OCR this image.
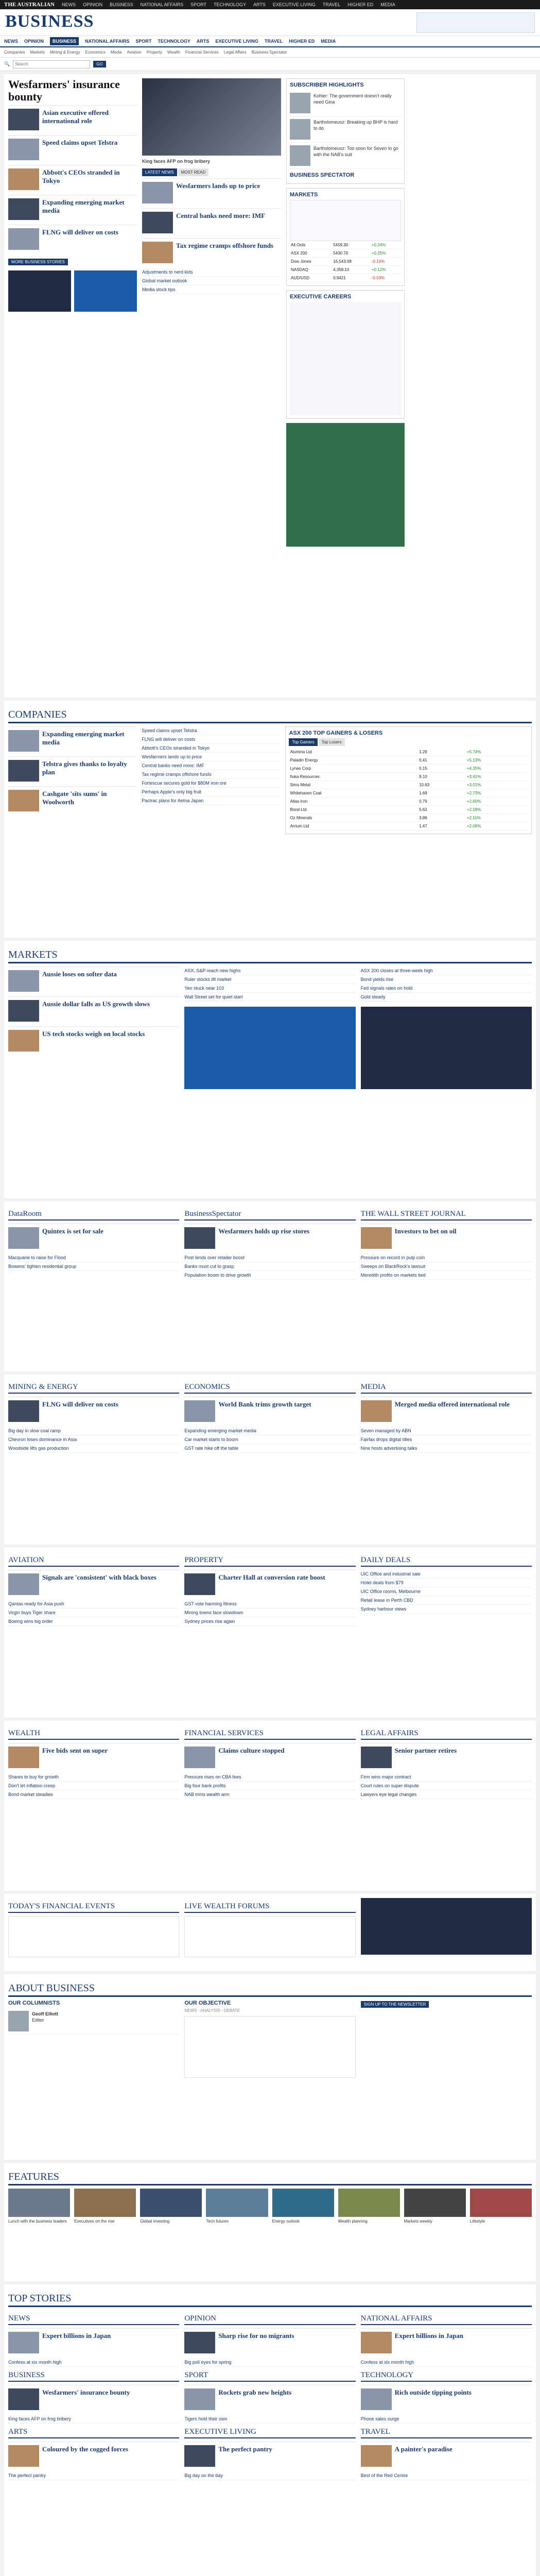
THE AUSTRALIAN NEWS OPINION BUSINESS NATIONAL AFFAIRS SPORT TECHNOLOGY ARTS EXECUTIVE LIVING TRAVEL HIGHER ED MEDIA
BUSINESS
NEWS OPINION	BUSINESS	NATIONAL AFFAIRS SPORT TECHNOLOGY ARTS EXECUTIVE LIVING TRAVEL HIGHER ED MEDIA
Companies Markets Mining & Energy Economics Media Aviation Property Wealth Financial Services Legal Affairs Business Spectator
🔍
Search	GO
Wesfarmers' insurance bounty
Asian executive offered international role
Speed claims upset Telstra
Abbott's CEOs stranded in Tokyo
Expanding emerging market media
FLNG will deliver on costs
MORE BUSINESS STORIES
King faces AFP on frog bribery
LATEST NEWS	MOST READ
Wesfarmers lands up to price
Central banks need more: IMF
Tax regime cramps offshore funds
Adjustments to nerd kids
Global market outlook
Media stock tips
SUBSCRIBER HIGHLIGHTS

Kohler: The government doesn't really need Gina

Bartholomeusz: Breaking up BHP is hard to do

Bartholomeusz: Too soon for Seven to go with the NAB's suit

BUSINESS SPECTATOR
MARKETS
All Ords	5459.30	+0.24%
ASX 200	5430.70	+0.25%
Dow Jones	16,543.08	-0.10%
NASDAQ	4,358.10	+0.12%
AUD/USD	0.9421	-0.03%
EXECUTIVE CAREERS
COMPANIES
Expanding emerging market media
Telstra gives thanks to loyalty plan
Cashgate 'sits sums' in Woolworth
Speed claims upset Telstra
FLNG will deliver on costs
Abbott's CEOs stranded in Tokyo
Wesfarmers lands up to price
Central banks need more: IMF
Tax regime cramps offshore funds
Fortescue secures gold for $80M iron ore
Perhaps Apple's only big fruit
Pactrac plans for Aetna Japan
ASX 200 TOP GAINERS & LOSERS
Top Gainers	Top Losers
Alumina Ltd	1.29	+5.74%
Paladin Energy	0.41	+5.13%
Lynas Corp	0.15	+4.35%
Iluka Resources	9.10	+3.41%
Sims Metal	10.63	+3.01%
Whitehaven Coal	1.69	+2.73%
Atlas Iron	0.79	+2.60%
Boral Ltd	5.62	+2.18%
Oz Minerals	3.86	+2.11%
Arrium Ltd	1.47	+2.08%
MARKETS
Aussie loses on softer data
Aussie dollar falls as US growth slows
US tech stocks weigh on local stocks
ASX, S&P reach new highs
Ruler stocks lift market
Yen stuck near 103
Wall Street set for quiet start
ASX 200 closes at three-week high
Bond yields rise
Fed signals rates on hold
Gold steady
DataRoom
Quintex is set for sale
Macquarie to raise for Flood
Bowens' tighten residential group
BusinessSpectator
Wesfarmers holds up rise stores
Post lends over retailer boost
Banks must cut to grasp
Population boom to drive growth
THE WALL STREET JOURNAL
Investors to bet on oil
Pressure on record in pulp coin
Sweeps on BlackRock's lawsuit
Meredith profits on markets tied
MINING & ENERGY
FLNG will deliver on costs
Big day in slow coal ramp
Chevron loses dominance in Asia
Woodside lifts gas production
ECONOMICS
World Bank trims growth target
Expanding emerging market media
Car market starts to boom
GST rate hike off the table
MEDIA
Merged media offered international role
Seven managed by ABN
Fairfax drops digital titles
Nine hosts advertising talks
AVIATION
Signals are 'consistent' with black boxes
Qantas ready for Asia push
Virgin buys Tiger share
Boeing wins big order
PROPERTY
Charter Hall at conversion rate boost
GST vote harming fitness
Mining towns face slowdown
Sydney prices rise again
DAILY DEALS
UIC Office and industrial sale
Hotel deals from $79
UIC Office rooms, Melbourne
Retail lease in Perth CBD
Sydney harbour views
WEALTH
Five bids sent on super
Shares to buy for growth
Don't let inflation creep
Bond market steadies
FINANCIAL SERVICES
Claims culture stopped
Pressure rises on CBA fees
Big four bank profits
NAB trims wealth arm
LEGAL AFFAIRS
Senior partner retires
Firm wins major contract
Court rules on super dispute
Lawyers eye legal changes
TODAY'S FINANCIAL EVENTS	LIVE WEALTH FORUMS
ABOUT BUSINESS
OUR COLUMNISTS

Geoff Elliott

Editor

OUR OBJECTIVE
NEWS - ANALYSIS - DEBATE
SIGN UP TO THE NEWSLETTER
FEATURES

Lunch with the business leaders	Executives on the rise	Global investing	Tech futures	Energy outlook	Wealth planning	Markets weekly	Lifestyle

TOP STORIES
NEWS
Expert billions in Japan
Confess at six month high
BUSINESS
Wesfarmers' insurance bounty
King faces AFP on frog bribery
ARTS
Coloured by the cogged forces
The perfect pantry
OPINION
Sharp rise for no migrants
Big poll eyes for spring
SPORT
Rockets grab new heights
Tigers hold their own
EXECUTIVE LIVING
The perfect pantry
Big day on the bay
NATIONAL AFFAIRS
Expert billions in Japan
Confess at six month high
TECHNOLOGY
Rich outside tipping points
Phone sales surge
TRAVEL
A painter's paradise
Best of the Red Centre
